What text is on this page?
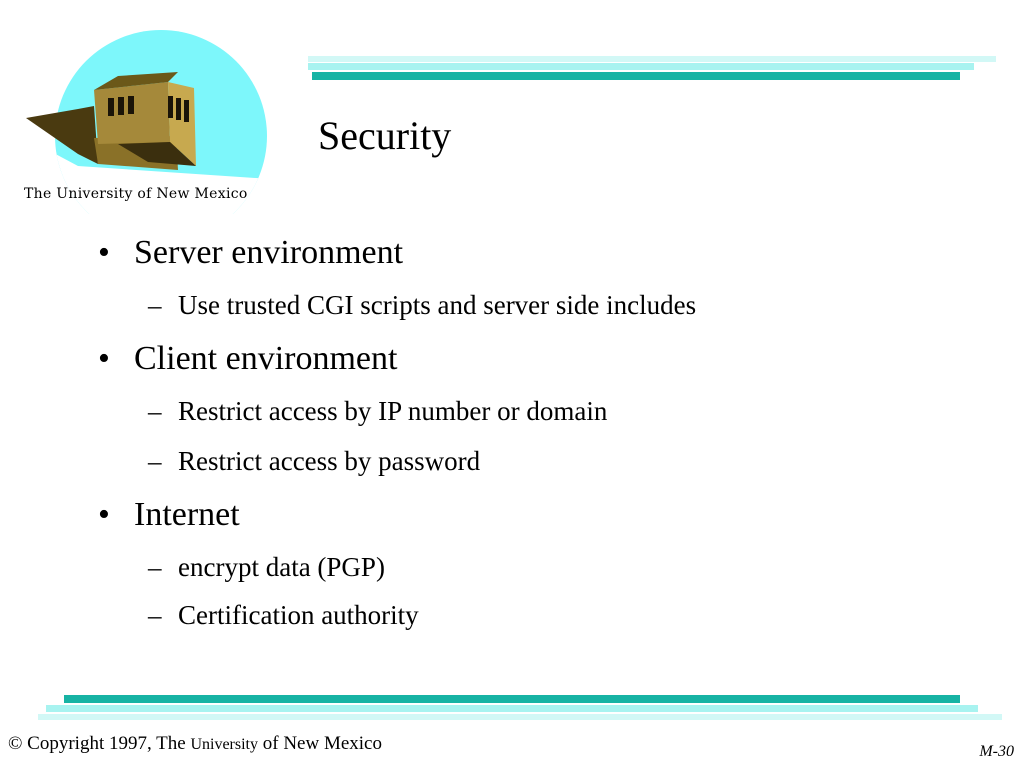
The University of New Mexico
Security
• Server environment
– Use trusted CGI scripts and server side includes
• Client environment
– Restrict access by IP number or domain
– Restrict access by password
• Internet
– encrypt data (PGP)
– Certification authority
© Copyright 1997, The University of New Mexico	M-30
